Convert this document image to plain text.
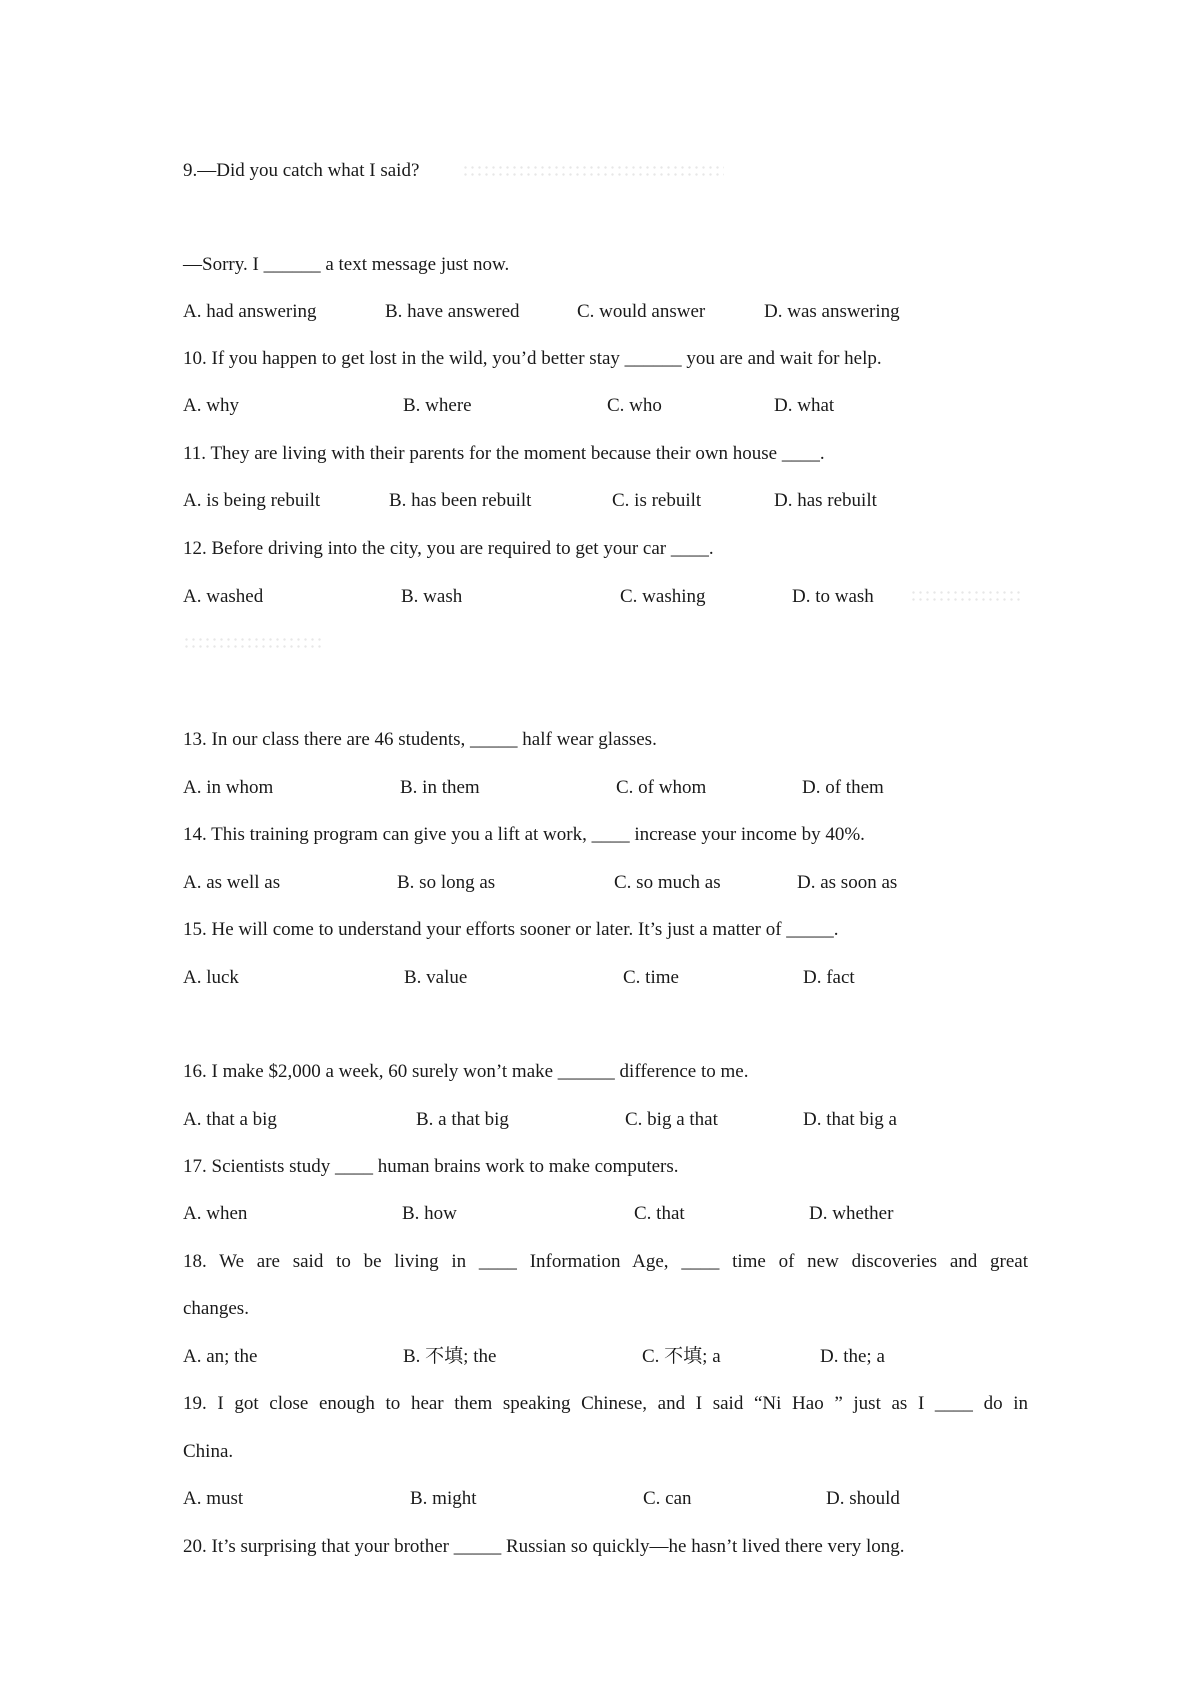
9.—Did you catch what I said?
—Sorry. I ______ a text message just now.
A. had answering	B. have answered	C. would answer	D. was answering
10. If you happen to get lost in the wild, you’d better stay ______ you are and wait for help.
A. why	B. where	C. who	D. what
11. They are living with their parents for the moment because their own house ____.
A. is being rebuilt	B. has been rebuilt	C. is rebuilt	D. has rebuilt
12. Before driving into the city, you are required to get your car ____.
A. washed	B. wash	C. washing	D. to wash
13. In our class there are 46 students, _____ half wear glasses.
A. in whom	B. in them	C. of whom	D. of them
14. This training program can give you a lift at work, ____ increase your income by 40%.
A. as well as	B. so long as	C. so much as	D. as soon as
15. He will come to understand your efforts sooner or later. It’s just a matter of _____.
A. luck	B. value	C. time	D. fact
16. I make $2,000 a week, 60 surely won’t make ______ difference to me.
A. that a big	B. a that big	C. big a that	D. that big a
17. Scientists study ____ human brains work to make computers.
A. when	B. how	C. that	D. whether
18. We are said to be living in ____ Information Age, ____ time of new discoveries and great
changes.
A. an; the	B. 不填; the	C. 不填; a	D. the; a
19. I got close enough to hear them speaking Chinese, and I said “Ni Hao ” just as I ____ do in
China.
A. must	B. might	C. can	D. should
20. It’s surprising that your brother _____ Russian so quickly—he hasn’t lived there very long.
